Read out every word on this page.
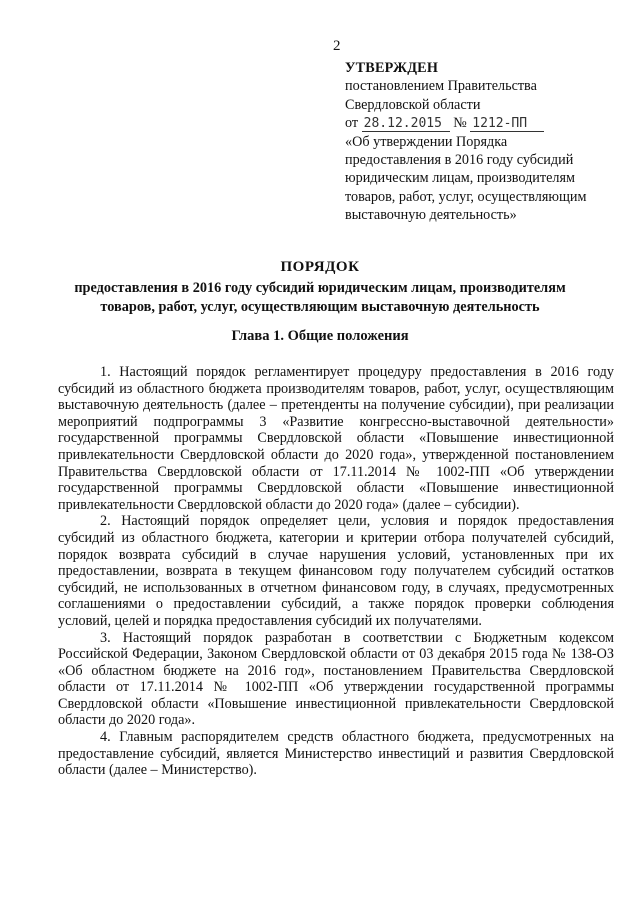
2
УТВЕРЖДЕН
постановлением Правительства
Свердловской области
от 28.12.2015 № 1212-ПП
«Об утверждении Порядка
предоставления в 2016 году субсидий
юридическим лицам, производителям
товаров, работ, услуг, осуществляющим
выставочную деятельность»
ПОРЯДОК
предоставления в 2016 году субсидий юридическим лицам, производителям
товаров, работ, услуг, осуществляющим выставочную деятельность
Глава 1. Общие положения

1. Настоящий порядок регламентирует процедуру предоставления в 2016 году субсидий из областного бюджета производителям товаров, работ, услуг, осуществляющим выставочную деятельность (далее – претенденты на получение субсидии), при реализации мероприятий подпрограммы 3 «Развитие конгрессно-выставочной деятельности» государственной программы Свердловской области «Повышение инвестиционной привлекательности Свердловской области до 2020 года», утвержденной постановлением Правительства Свердловской области от 17.11.2014 № 1002-ПП «Об утверждении государственной программы Свердловской области «Повышение инвестиционной привлекательности Свердловской области до 2020 года» (далее – субсидии).

2. Настоящий порядок определяет цели, условия и порядок предоставления субсидий из областного бюджета, категории и критерии отбора получателей субсидий, порядок возврата субсидий в случае нарушения условий, установленных при их предоставлении, возврата в текущем финансовом году получателем субсидий остатков субсидий, не использованных в отчетном финансовом году, в случаях, предусмотренных соглашениями о предоставлении субсидий, а также порядок проверки соблюдения условий, целей и порядка предоставления субсидий их получателями.

3. Настоящий порядок разработан в соответствии с Бюджетным кодексом Российской Федерации, Законом Свердловской области от 03 декабря 2015 года № 138-ОЗ «Об областном бюджете на 2016 год», постановлением Правительства Свердловской области от 17.11.2014 № 1002-ПП «Об утверждении государственной программы Свердловской области «Повышение инвестиционной привлекательности Свердловской области до 2020 года».

4. Главным распорядителем средств областного бюджета, предусмотренных на предоставление субсидий, является Министерство инвестиций и развития Свердловской области (далее – Министерство).
